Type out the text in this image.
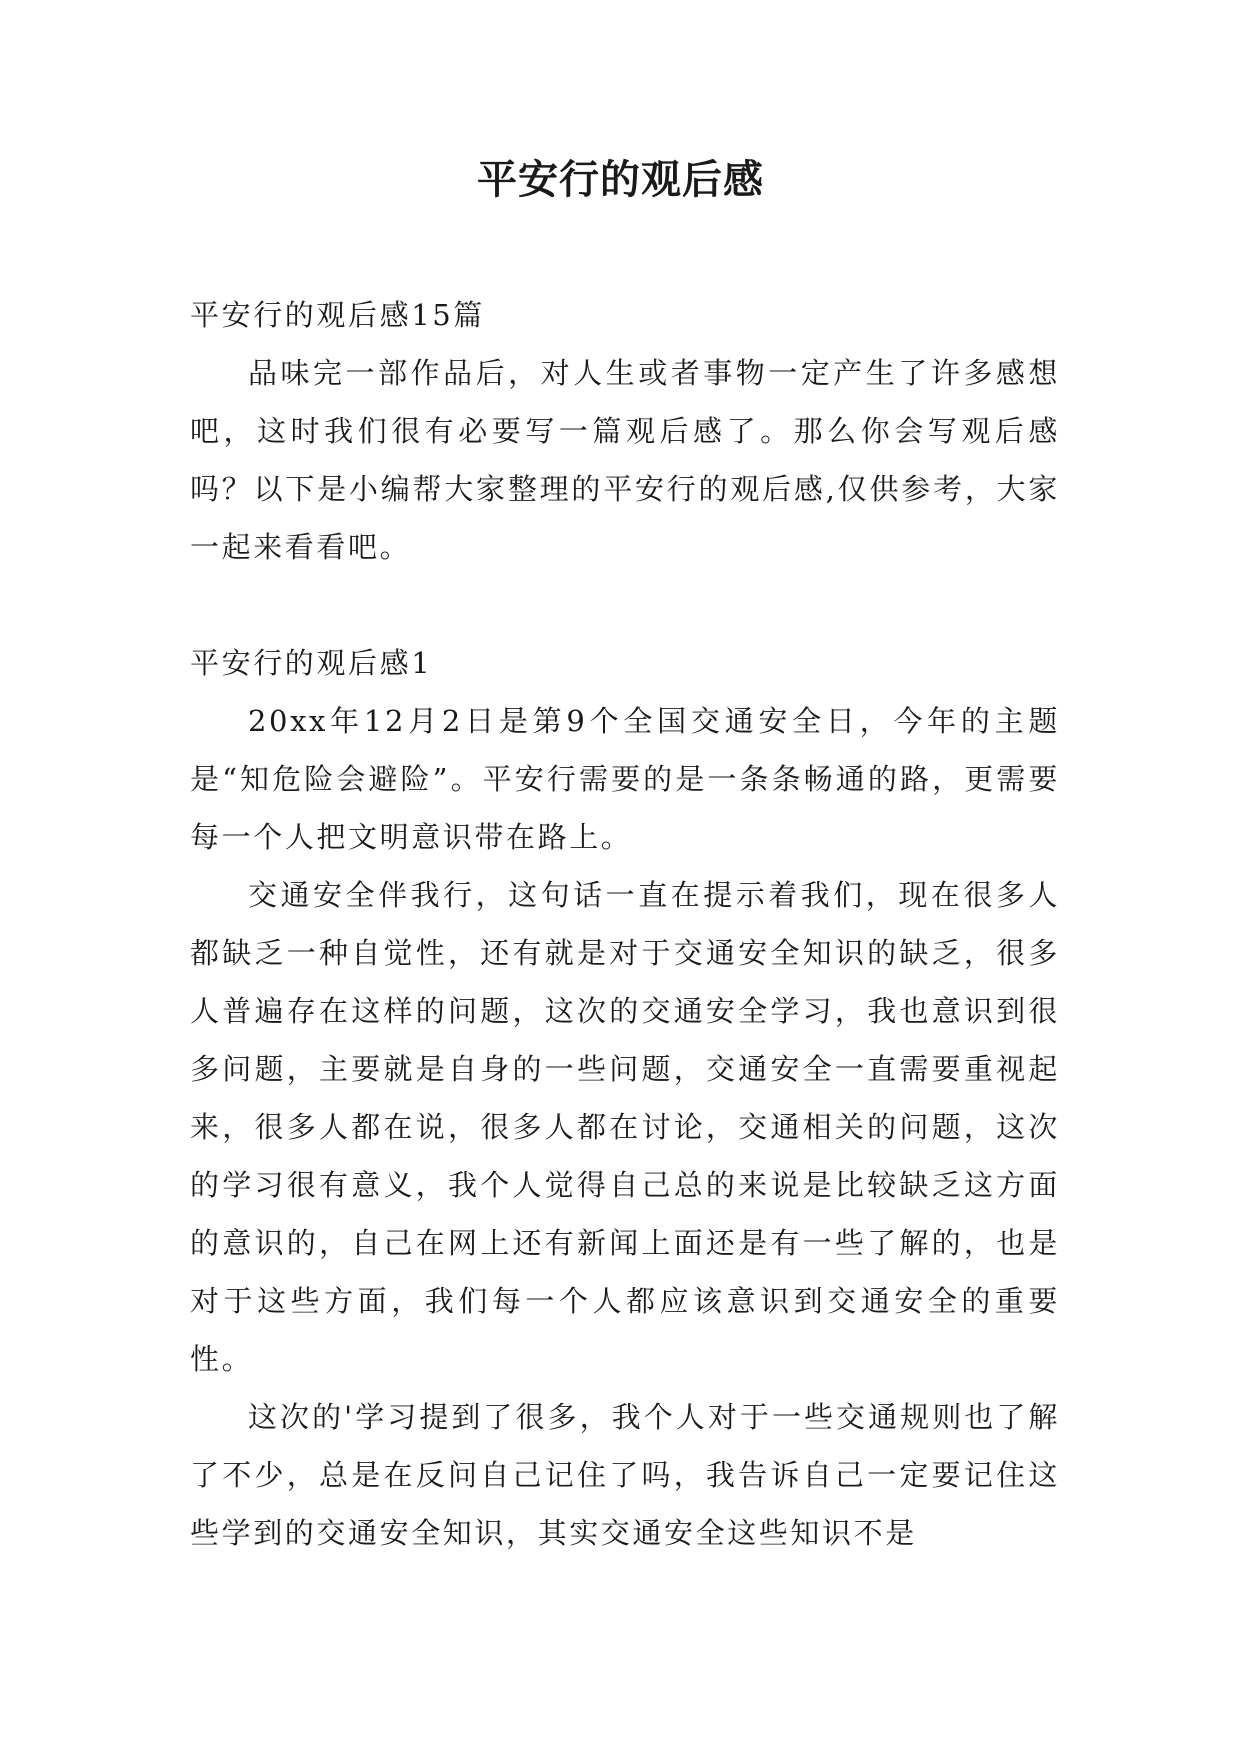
平安行的观后感

平安行的观后感15篇

品味完一部作品后，对人生或者事物一定产生了许多感想吧，这时我们很有必要写一篇观后感了。那么你会写观后感吗？以下是小编帮大家整理的平安行的观后感,仅供参考，大家一起来看看吧。

平安行的观后感1

20xx年12月2日是第9个全国交通安全日，今年的主题是“知危险会避险”。平安行需要的是一条条畅通的路，更需要每一个人把文明意识带在路上。

交通安全伴我行，这句话一直在提示着我们，现在很多人都缺乏一种自觉性，还有就是对于交通安全知识的缺乏，很多人普遍存在这样的问题，这次的交通安全学习，我也意识到很多问题，主要就是自身的一些问题，交通安全一直需要重视起来，很多人都在说，很多人都在讨论，交通相关的问题，这次的学习很有意义，我个人觉得自己总的来说是比较缺乏这方面的意识的，自己在网上还有新闻上面还是有一些了解的，也是对于这些方面，我们每一个人都应该意识到交通安全的重要性。

这次的'学习提到了很多，我个人对于一些交通规则也了解了不少，总是在反问自己记住了吗，我告诉自己一定要记住这些学到的交通安全知识，其实交通安全这些知识不是
